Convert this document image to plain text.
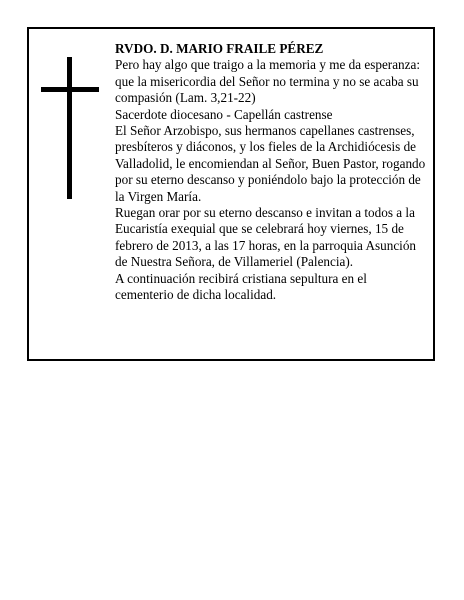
RVDO. D. MARIO FRAILE PÉREZ

Pero hay algo que traigo a la memoria y me da esperanza: que la misericordia del Señor no termina y no se acaba su compasión (Lam. 3,21-22)

Sacerdote diocesano - Capellán castrense

El Señor Arzobispo, sus hermanos capellanes castrenses, presbíteros y diáconos, y los fieles de la Archidiócesis de Valladolid, le encomiendan al Señor, Buen Pastor, rogando por su eterno descanso y poniéndolo bajo la protección de la Virgen María.

Ruegan orar por su eterno descanso e invitan a todos a la Eucaristía exequial que se celebrará hoy viernes, 15 de febrero de 2013, a las 17 horas, en la parroquia Asunción de Nuestra Señora, de Villameriel (Palencia).

A continuación recibirá cristiana sepultura en el cementerio de dicha localidad.
